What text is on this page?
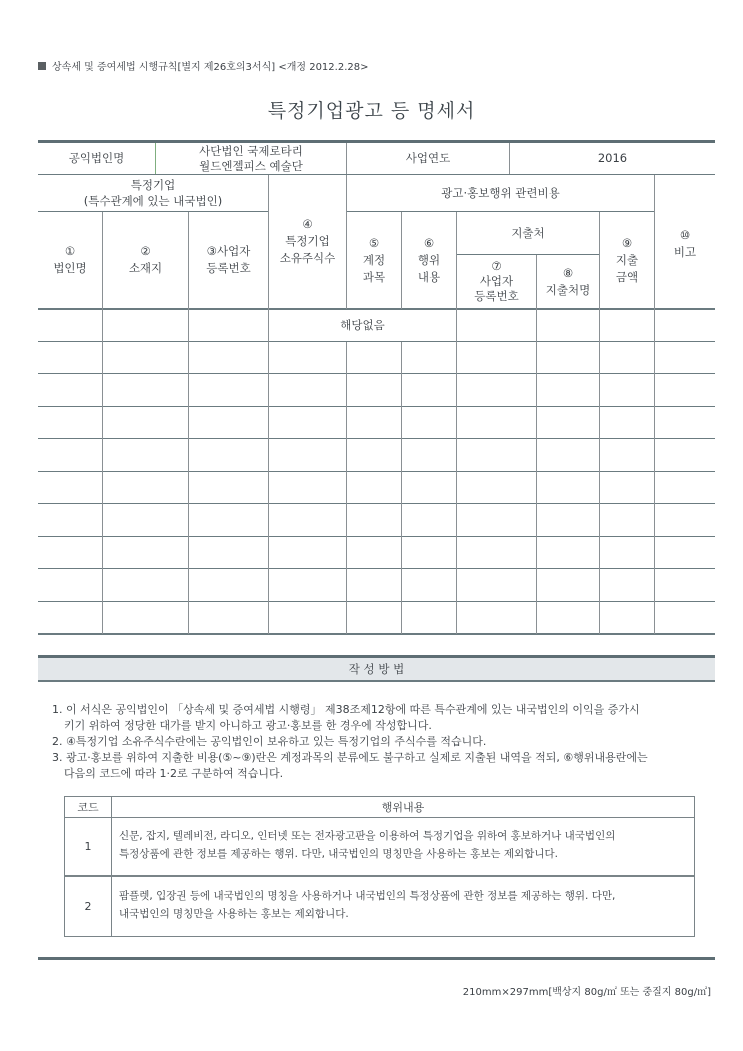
상속세 및 증여세법 시행규칙[별지 제26호의3서식] <개정 2012.2.28>
특정기업광고 등 명세서
공익법인명
사단법인 국제로타리
월드엔젤피스 예술단
사업연도	2016
특정기업
(특수관계에 있는 내국법인)
광고·홍보행위 관련비용
①
법인명
②
소재지
③사업자
등록번호
④
특정기업
소유주식수
⑤
계정
과목
⑥
행위
내용
지출처
⑦
사업자
등록번호
⑧
지출처명
⑨
지출
금액
⑩
비고
해당없음
작 성 방 법
1. 이 서식은 공익법인이 「상속세 및 증여세법 시행령」 제38조제12항에 따른 특수관계에 있는 내국법인의 이익을 증가시
키기 위하여 정당한 대가를 받지 아니하고 광고·홍보를 한 경우에 작성합니다.
2. ④특정기업 소유주식수란에는 공익법인이 보유하고 있는 특정기업의 주식수를 적습니다.
3. 광고·홍보를 위하여 지출한 비용(⑤~⑨)란은 계정과목의 분류에도 불구하고 실제로 지출된 내역을 적되, ⑥행위내용란에는
다음의 코드에 따라 1·2로 구분하여 적습니다.
코드	행위내용
1
신문, 잡지, 텔레비전, 라디오, 인터넷 또는 전자광고판을 이용하여 특정기업을 위하여 홍보하거나 내국법인의
특정상품에 관한 정보를 제공하는 행위. 다만, 내국법인의 명칭만을 사용하는 홍보는 제외합니다.
2
팜플렛, 입장권 등에 내국법인의 명칭을 사용하거나 내국법인의 특정상품에 관한 정보를 제공하는 행위. 다만,
내국법인의 명칭만을 사용하는 홍보는 제외합니다.
210mm×297mm[백상지 80g/㎡ 또는 중질지 80g/㎡]
